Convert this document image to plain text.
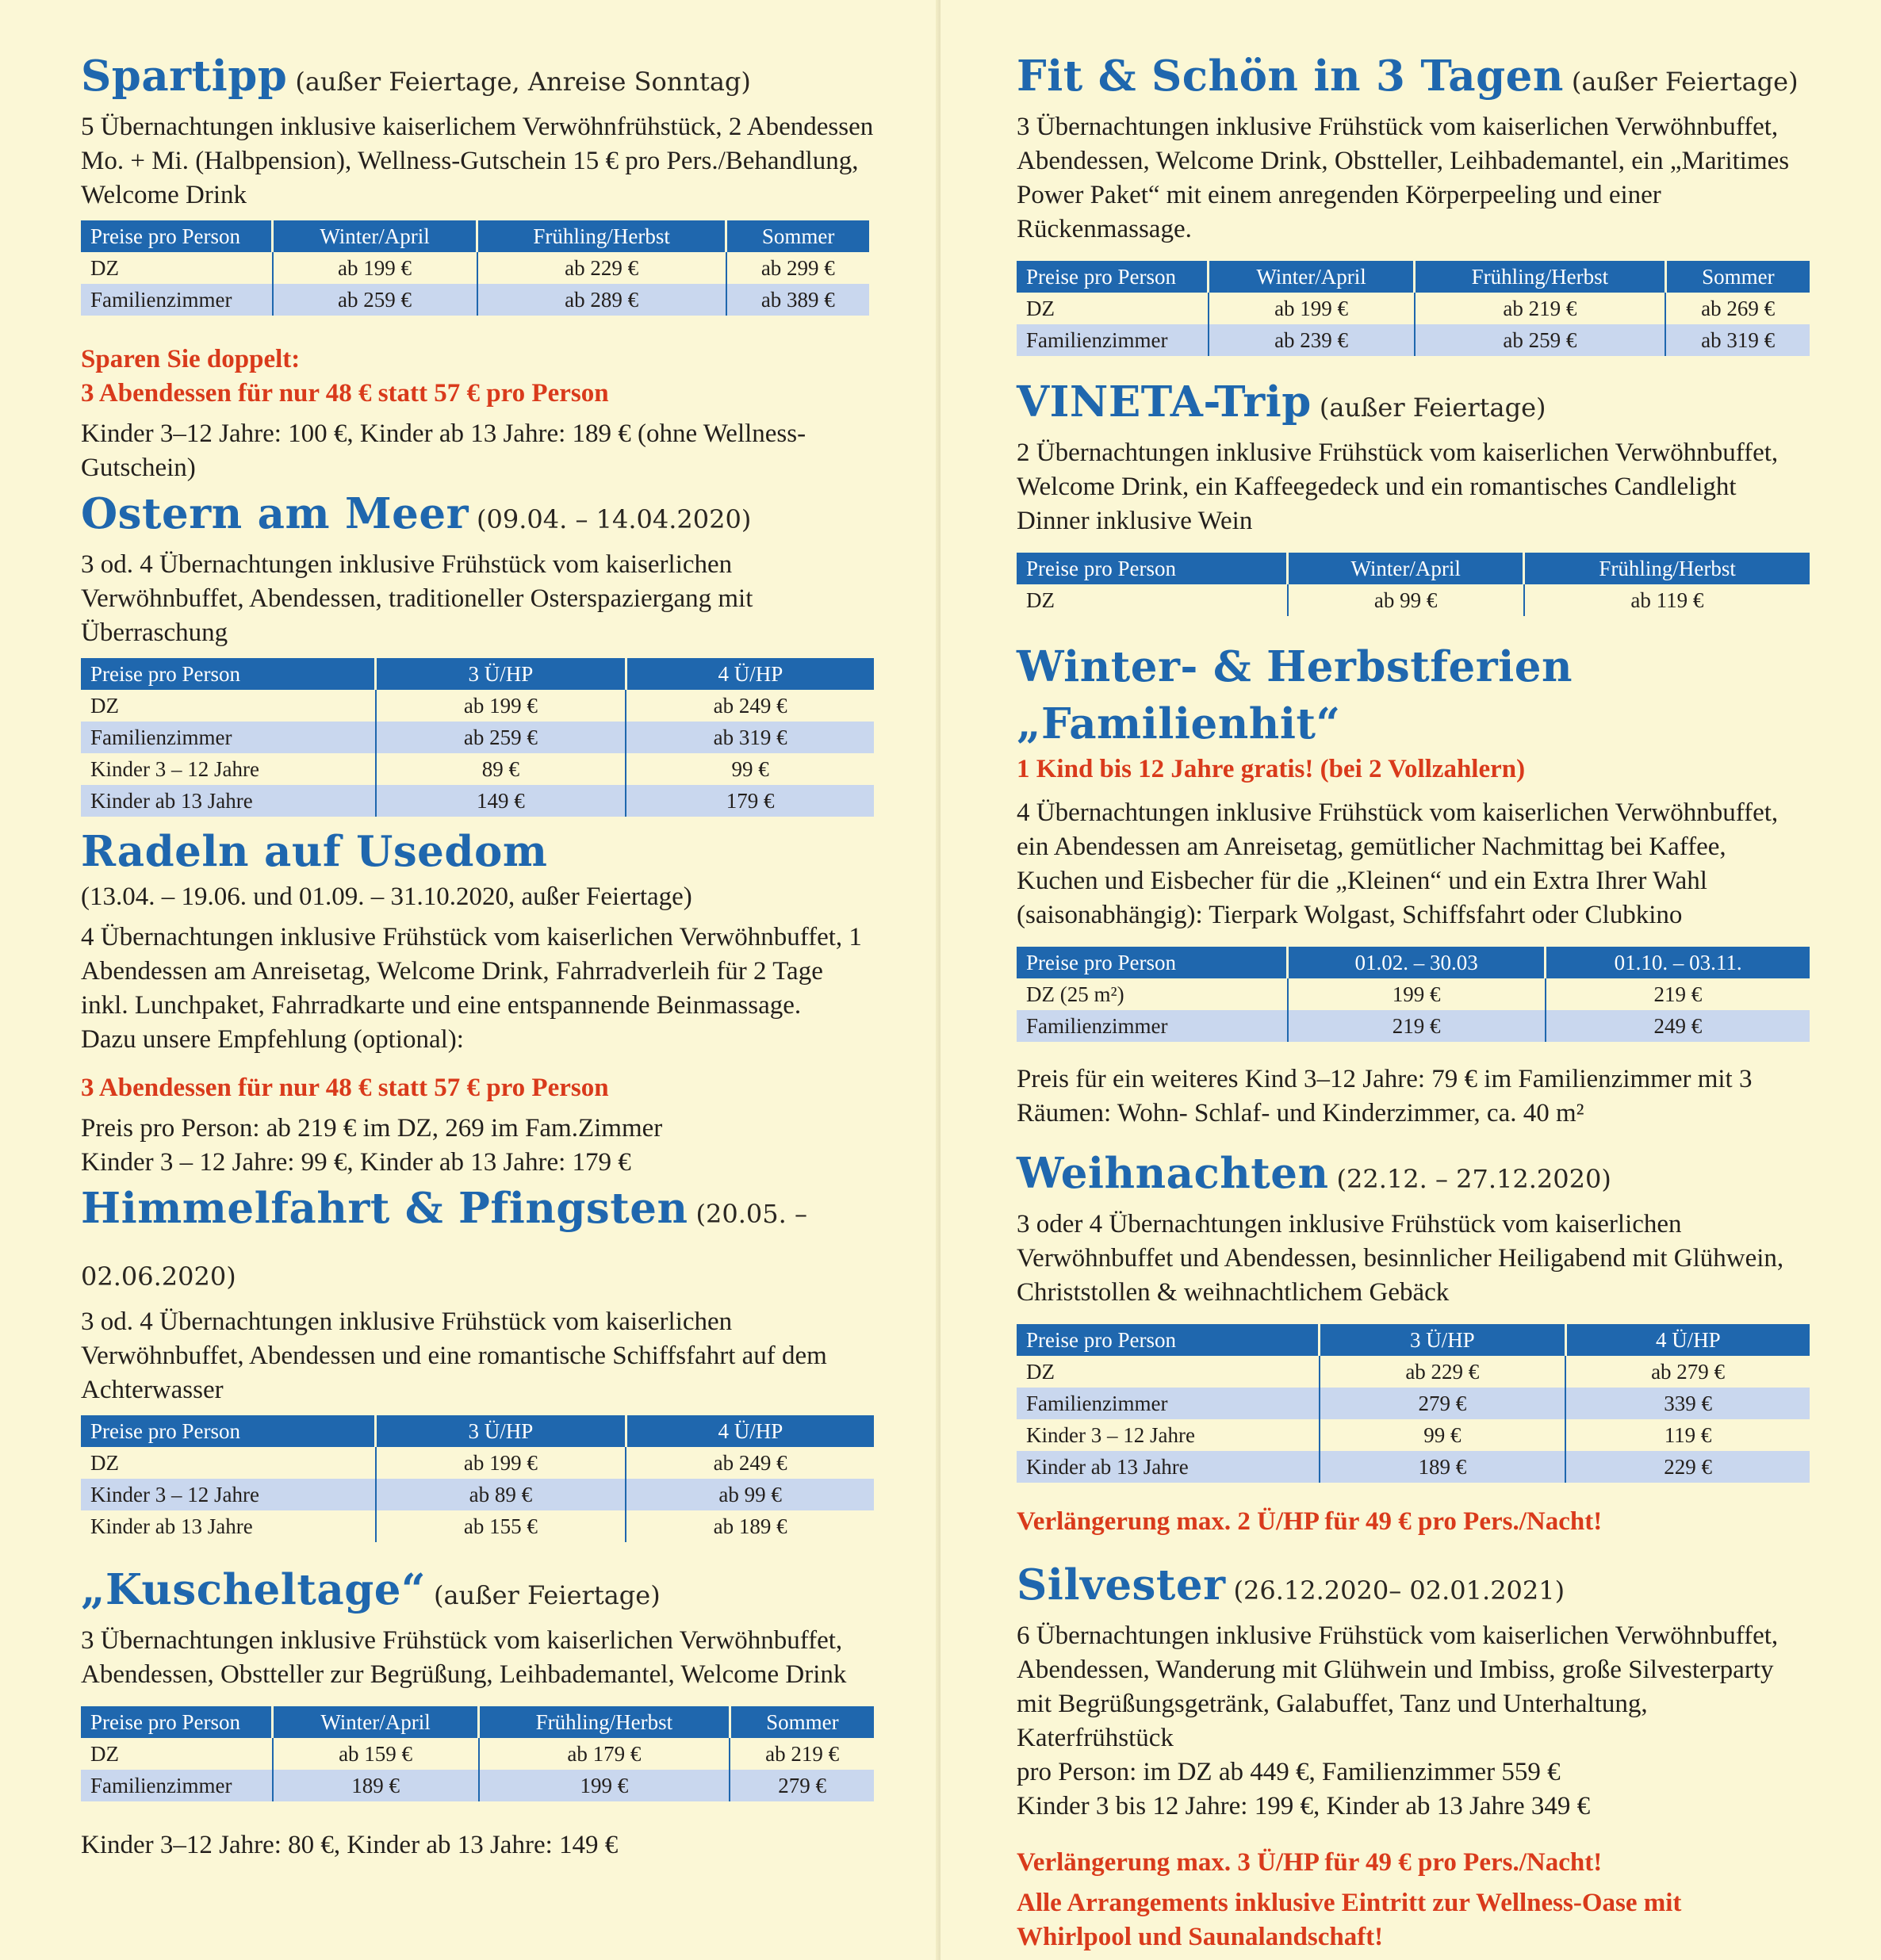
Spartipp (außer Feiertage, Anreise Sonntag)

5 Übernachtungen inklusive kaiserlichem Verwöhnfrühstück, 2 Abendessen Mo. + Mi. (Halbpension), Wellness-Gutschein 15 € pro Pers./Behandlung, Welcome Drink

Preise pro Person	Winter/April	Frühling/Herbst	Sommer
DZ	ab 199 €	ab 229 €	ab 299 €
Familienzimmer	ab 259 €	ab 289 €	ab 389 €

Sparen Sie doppelt:

3 Abendessen für nur 48 € statt 57 € pro Person

Kinder 3–12 Jahre: 100 €, Kinder ab 13 Jahre: 189 € (ohne Wellness-Gutschein)

Ostern am Meer (09.04. – 14.04.2020)

3 od. 4 Übernachtungen inklusive Frühstück vom kaiserlichen Verwöhnbuffet, Abendessen, traditioneller Osterspaziergang mit Überraschung

Preise pro Person	3 Ü/HP	4 Ü/HP
DZ	ab 199 €	ab 249 €
Familienzimmer	ab 259 €	ab 319 €
Kinder 3 – 12 Jahre	89 €	99 €
Kinder ab 13 Jahre	149 €	179 €
Radeln auf Usedom

(13.04. – 19.06. und 01.09. – 31.10.2020, außer Feiertage)

4 Übernachtungen inklusive Frühstück vom kaiserlichen Verwöhnbuffet, 1 Abendessen am Anreisetag, Welcome Drink, Fahrradverleih für 2 Tage inkl. Lunchpaket, Fahrradkarte und eine entspannende Beinmassage.

Dazu unsere Empfehlung (optional):

3 Abendessen für nur 48 € statt 57 € pro Person

Preis pro Person: ab 219 € im DZ, 269 im Fam.Zimmer

Kinder 3 – 12 Jahre: 99 €, Kinder ab 13 Jahre: 179 €

Himmelfahrt & Pfingsten (20.05. – 02.06.2020)

3 od. 4 Übernachtungen inklusive Frühstück vom kaiserlichen Verwöhnbuffet, Abendessen und eine romantische Schiffsfahrt auf dem Achterwasser

Preise pro Person	3 Ü/HP	4 Ü/HP
DZ	ab 199 €	ab 249 €
Kinder 3 – 12 Jahre	ab 89 €	ab 99 €
Kinder ab 13 Jahre	ab 155 €	ab 189 €
„Kuscheltage“ (außer Feiertage)

3 Übernachtungen inklusive Frühstück vom kaiserlichen Verwöhnbuffet, Abendessen, Obstteller zur Begrüßung, Leihbademantel, Welcome Drink

Preise pro Person	Winter/April	Frühling/Herbst	Sommer
DZ	ab 159 €	ab 179 €	ab 219 €
Familienzimmer	189 €	199 €	279 €

Kinder 3–12 Jahre: 80 €, Kinder ab 13 Jahre: 149 €

Fit & Schön in 3 Tagen (außer Feiertage)

3 Übernachtungen inklusive Frühstück vom kaiserlichen Verwöhnbuffet, Abendessen, Welcome Drink, Obstteller, Leihbademantel, ein „Maritimes Power Paket“ mit einem anregenden Körperpeeling und einer Rückenmassage.

Preise pro Person	Winter/April	Frühling/Herbst	Sommer
DZ	ab 199 €	ab 219 €	ab 269 €
Familienzimmer	ab 239 €	ab 259 €	ab 319 €
VINETA-Trip (außer Feiertage)

2 Übernachtungen inklusive Frühstück vom kaiserlichen Verwöhnbuffet, Welcome Drink, ein Kaffeegedeck und ein romantisches Candlelight Dinner inklusive Wein

Preise pro Person	Winter/April	Frühling/Herbst
DZ	ab 99 €	ab 119 €
Winter- & Herbstferien „Familienhit“

1 Kind bis 12 Jahre gratis! (bei 2 Vollzahlern)

4 Übernachtungen inklusive Frühstück vom kaiserlichen Verwöhnbuffet, ein Abendessen am Anreisetag, gemütlicher Nachmittag bei Kaffee, Kuchen und Eisbecher für die „Kleinen“ und ein Extra Ihrer Wahl (saisonabhängig): Tierpark Wolgast, Schiffsfahrt oder Clubkino

Preise pro Person	01.02. – 30.03	01.10. – 03.11.
DZ (25 m²)	199 €	219 €
Familienzimmer	219 €	249 €

Preis für ein weiteres Kind 3–12 Jahre: 79 € im Familienzimmer mit 3 Räumen: Wohn- Schlaf- und Kinderzimmer, ca. 40 m²

Weihnachten (22.12. – 27.12.2020)

3 oder 4 Übernachtungen inklusive Frühstück vom kaiserlichen Verwöhnbuffet und Abendessen, besinnlicher Heiligabend mit Glühwein, Christstollen & weihnachtlichem Gebäck

Preise pro Person	3 Ü/HP	4 Ü/HP
DZ	ab 229 €	ab 279 €
Familienzimmer	279 €	339 €
Kinder 3 – 12 Jahre	99 €	119 €
Kinder ab 13 Jahre	189 €	229 €

Verlängerung max. 2 Ü/HP für 49 € pro Pers./Nacht!

Silvester (26.12.2020– 02.01.2021)

6 Übernachtungen inklusive Frühstück vom kaiserlichen Verwöhnbuffet, Abendessen, Wanderung mit Glühwein und Imbiss, große Silvesterparty mit Begrüßungsgetränk, Galabuffet, Tanz und Unterhaltung, Katerfrühstück

pro Person: im DZ ab 449 €, Familienzimmer 559 €

Kinder 3 bis 12 Jahre: 199 €, Kinder ab 13 Jahre 349 €

Verlängerung max. 3 Ü/HP für 49 € pro Pers./Nacht!

Alle Arrangements inklusive Eintritt zur Wellness-Oase mit Whirlpool und Saunalandschaft!
